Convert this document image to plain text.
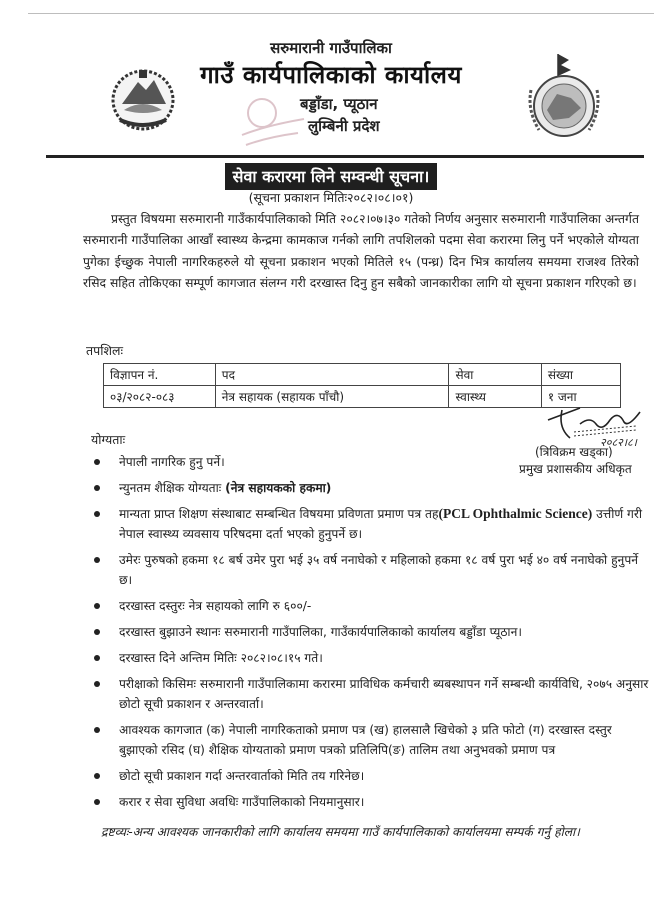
सरुमारानी गाउँपालिका
गाउँ कार्यपालिकाको कार्यालय
बड्डाँडा, प्यूठान
लुम्बिनी प्रदेश
सेवा करारमा लिने सम्वन्धी सूचना।
(सूचना प्रकाशन मितिः२०८२।०८।०१)
प्रस्तुत विषयमा सरुमारानी गाउँकार्यपालिकाको मिति २०८२।०७।३० गतेको निर्णय अनुसार सरुमारानी गाउँपालिका अन्तर्गत सरुमारानी गाउँपालिका आखाँ स्वास्थ्य केन्द्रमा कामकाज गर्नको लागि तपशिलको पदमा सेवा करारमा लिनु पर्ने भएकोले योग्यता पुगेका ईच्छुक नेपाली नागरिकहरुले यो सूचना प्रकाशन भएको मितिले १५ (पन्ध्र) दिन भित्र कार्यालय समयमा राजश्व तिरेको रसिद सहित तोकिएका सम्पूर्ण कागजात संलग्न गरी दरखास्त दिनु हुन सबैको जानकारीका लागि यो सूचना प्रकाशन गरिएको छ।
तपशिलः
विज्ञापन नं.	पद	सेवा	संख्या
०३/२०८२-०८३	नेत्र सहायक (सहायक पाँचौ)	स्वास्थ्य	१ जना
२०८२।८।
(त्रिविक्रम खड्का)
प्रमुख प्रशासकीय अधिकृत
योग्यताः
नेपाली नागरिक हुनु पर्ने।
न्युनतम शैक्षिक योग्यताः (नेत्र सहायकको हकमा)
मान्यता प्राप्त शिक्षण संस्थाबाट सम्बन्धित विषयमा प्रविणता प्रमाण पत्र तह(PCL Ophthalmic Science) उत्तीर्ण गरी नेपाल स्वास्थ्य व्यवसाय परिषदमा दर्ता भएको हुनुपर्ने छ।
उमेरः पुरुषको हकमा १८ बर्ष उमेर पुरा भई ३५ वर्ष ननाघेको र महिलाको हकमा १८ वर्ष पुरा भई ४० वर्ष ननाघेको हुनुपर्ने छ।
दरखास्त दस्तुरः नेत्र सहायको लागि रु ६००/-
दरखास्त बुझाउने स्थानः सरुमारानी गाउँपालिका, गाउँकार्यपालिकाको कार्यालय बड्डाँडा प्यूठान।
दरखास्त दिने अन्तिम मितिः २०८२।०८।१५ गते।
परीक्षाको किसिमः सरुमारानी गाउँपालिकामा करारमा प्राविधिक कर्मचारी ब्यबस्थापन गर्ने सम्बन्धी कार्यविधि, २०७५ अनुसार छोटो सूची प्रकाशन र अन्तरवार्ता।
आवश्यक कागजात (क) नेपाली नागरिकताको प्रमाण पत्र (ख) हालसालै खिचेको ३ प्रति फोटो (ग) दरखास्त दस्तुर बुझाएको रसिद (घ) शैक्षिक योग्यताको प्रमाण पत्रको प्रतिलिपि(ङ) तालिम तथा अनुभवको प्रमाण पत्र
छोटो सूची प्रकाशन गर्दा अन्तरवार्ताको मिति तय गरिनेछ।
करार र सेवा सुविधा अवधिः गाउँपालिकाको नियमानुसार।
द्रष्टव्यः-अन्य आवश्यक जानकारीको लागि कार्यालय समयमा गाउँ कार्यपालिकाको कार्यालयमा सम्पर्क गर्नु होला।
